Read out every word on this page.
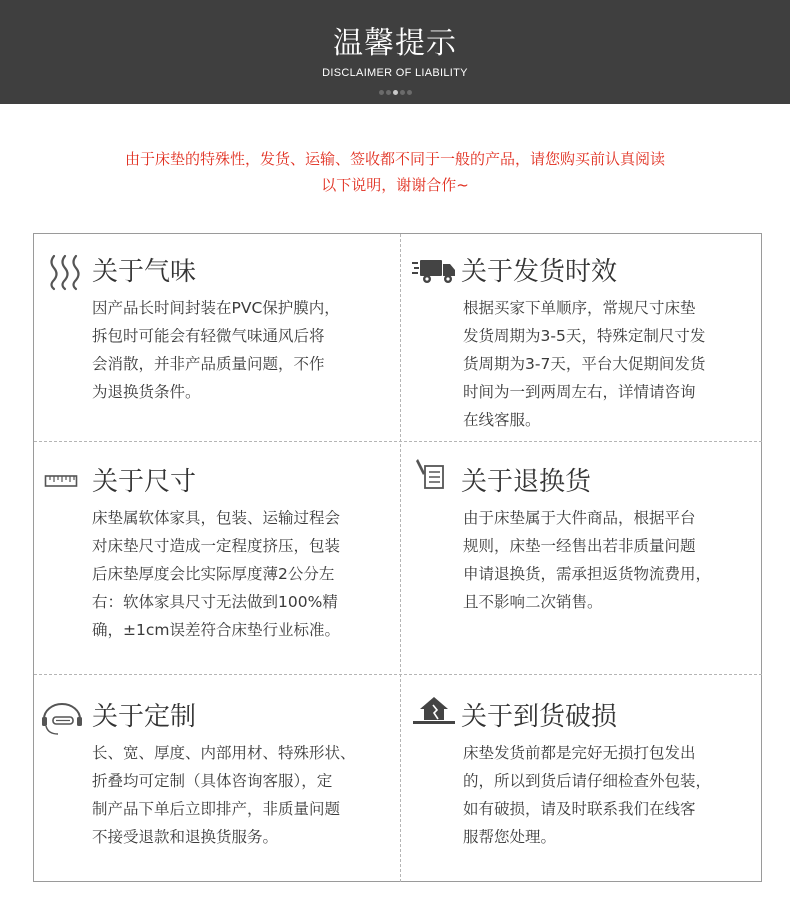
温馨提示
DISCLAIMER OF LIABILITY
由于床垫的特殊性，发货、运输、签收都不同于一般的产品，请您购买前认真阅读
以下说明，谢谢合作~
关于气味
因产品长时间封装在PVC保护膜内，
拆包时可能会有轻微气味通风后将
会消散，并非产品质量问题，不作
为退换货条件。
关于发货时效
根据买家下单顺序，常规尺寸床垫
发货周期为3-5天，特殊定制尺寸发
货周期为3-7天，平台大促期间发货
时间为一到两周左右，详情请咨询
在线客服。
关于尺寸
床垫属软体家具，包装、运输过程会
对床垫尺寸造成一定程度挤压，包装
后床垫厚度会比实际厚度薄2公分左
右：软体家具尺寸无法做到100%精
确，±1cm误差符合床垫行业标准。
关于退换货
由于床垫属于大件商品，根据平台
规则，床垫一经售出若非质量问题
申请退换货，需承担返货物流费用，
且不影响二次销售。
关于定制
长、宽、厚度、内部用材、特殊形状、
折叠均可定制（具体咨询客服），定
制产品下单后立即排产，非质量问题
不接受退款和退换货服务。
关于到货破损
床垫发货前都是完好无损打包发出
的，所以到货后请仔细检查外包装，
如有破损，请及时联系我们在线客
服帮您处理。
